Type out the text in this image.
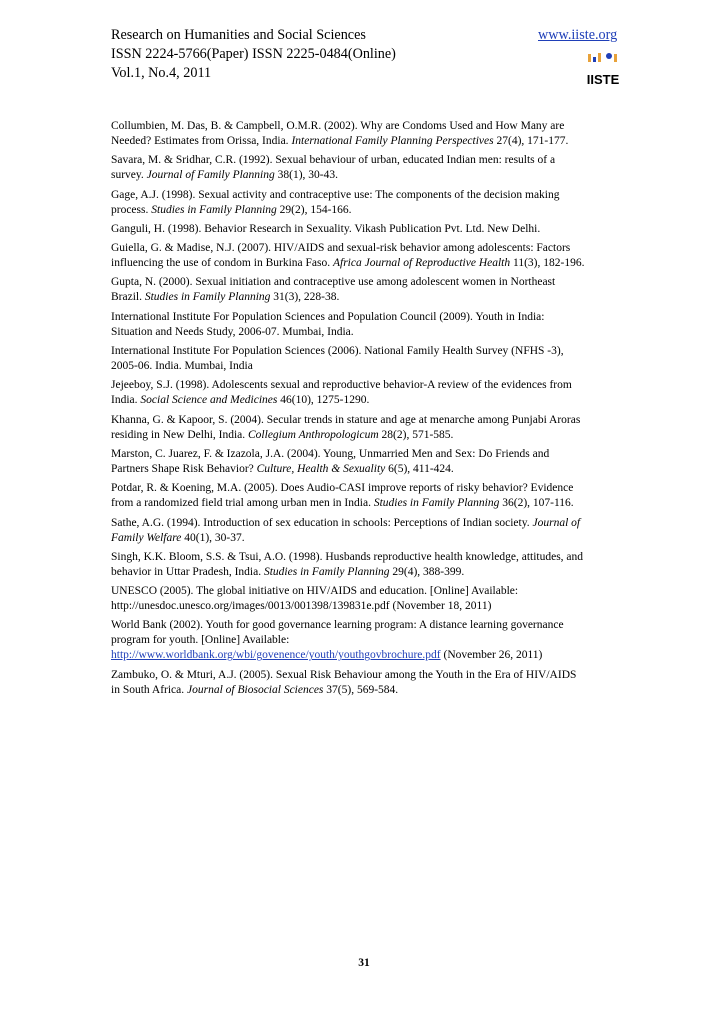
Research on Humanities and Social Sciences	www.iiste.org
ISSN 2224-5766(Paper) ISSN 2225-0484(Online)
Vol.1, No.4, 2011	IISTE
Collumbien, M. Das, B. & Campbell, O.M.R. (2002). Why are Condoms Used and How Many are
Needed? Estimates from Orissa, India. International Family Planning Perspectives 27(4), 171-177.
Savara, M. & Sridhar, C.R. (1992). Sexual behaviour of urban, educated Indian men: results of a
survey. Journal of Family Planning 38(1), 30-43.
Gage, A.J. (1998). Sexual activity and contraceptive use: The components of the decision making
process. Studies in Family Planning 29(2), 154-166.
Ganguli, H. (1998). Behavior Research in Sexuality. Vikash Publication Pvt. Ltd. New Delhi.
Guiella, G. & Madise, N.J. (2007). HIV/AIDS and sexual-risk behavior among adolescents: Factors
influencing the use of condom in Burkina Faso. Africa Journal of Reproductive Health 11(3), 182-196.
Gupta, N. (2000). Sexual initiation and contraceptive use among adolescent women in Northeast
Brazil. Studies in Family Planning 31(3), 228-38.
International Institute For Population Sciences and Population Council (2009). Youth in India:
Situation and Needs Study, 2006-07. Mumbai, India.
International Institute For Population Sciences (2006). National Family Health Survey (NFHS -3),
2005-06. India. Mumbai, India
Jejeeboy, S.J. (1998). Adolescents sexual and reproductive behavior-A review of the evidences from
India. Social Science and Medicines 46(10), 1275-1290.
Khanna, G. & Kapoor, S. (2004). Secular trends in stature and age at menarche among Punjabi Aroras
residing in New Delhi, India. Collegium Anthropologicum 28(2), 571-585.
Marston, C. Juarez, F. & Izazola, J.A. (2004). Young, Unmarried Men and Sex: Do Friends and
Partners Shape Risk Behavior? Culture, Health & Sexuality 6(5), 411-424.
Potdar, R. & Koening, M.A. (2005). Does Audio-CASI improve reports of risky behavior? Evidence
from a randomized field trial among urban men in India. Studies in Family Planning 36(2), 107-116.
Sathe, A.G. (1994). Introduction of sex education in schools: Perceptions of Indian society. Journal of
Family Welfare 40(1), 30-37.
Singh, K.K. Bloom, S.S. & Tsui, A.O. (1998). Husbands reproductive health knowledge, attitudes, and
behavior in Uttar Pradesh, India. Studies in Family Planning 29(4), 388-399.
UNESCO (2005). The global initiative on HIV/AIDS and education. [Online] Available:
http://unesdoc.unesco.org/images/0013/001398/139831e.pdf (November 18, 2011)
World Bank (2002). Youth for good governance learning program: A distance learning governance
program for youth. [Online] Available:
http://www.worldbank.org/wbi/govenence/youth/youthgovbrochure.pdf (November 26, 2011)
Zambuko, O. & Mturi, A.J. (2005). Sexual Risk Behaviour among the Youth in the Era of HIV/AIDS
in South Africa. Journal of Biosocial Sciences 37(5), 569-584.
31
